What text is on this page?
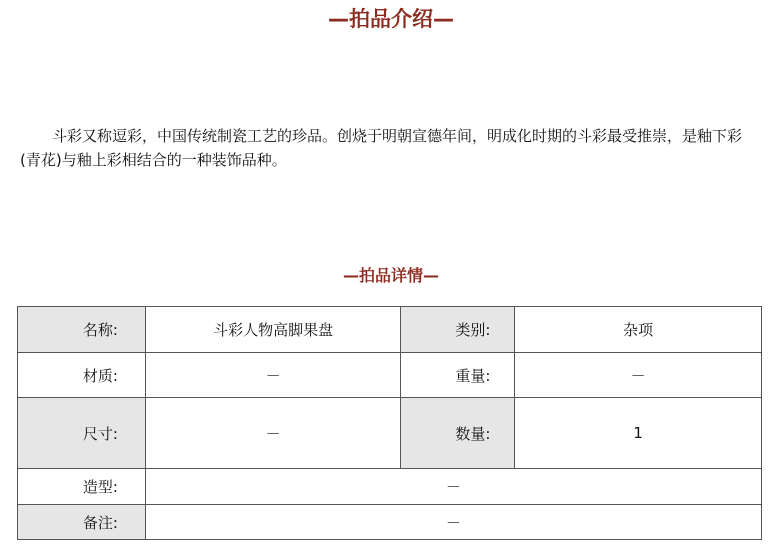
—拍品介绍—

斗彩又称逗彩，中国传统制瓷工艺的珍品。创烧于明朝宣德年间，明成化时期的斗彩最受推崇，是釉下彩(青花)与釉上彩相结合的一种装饰品种。

—拍品详情—
名称:	斗彩人物高脚果盘	类别:	杂项
材质:	－	重量:	－
尺寸:	－	数量:	1
造型:	－		
备注:	－		
